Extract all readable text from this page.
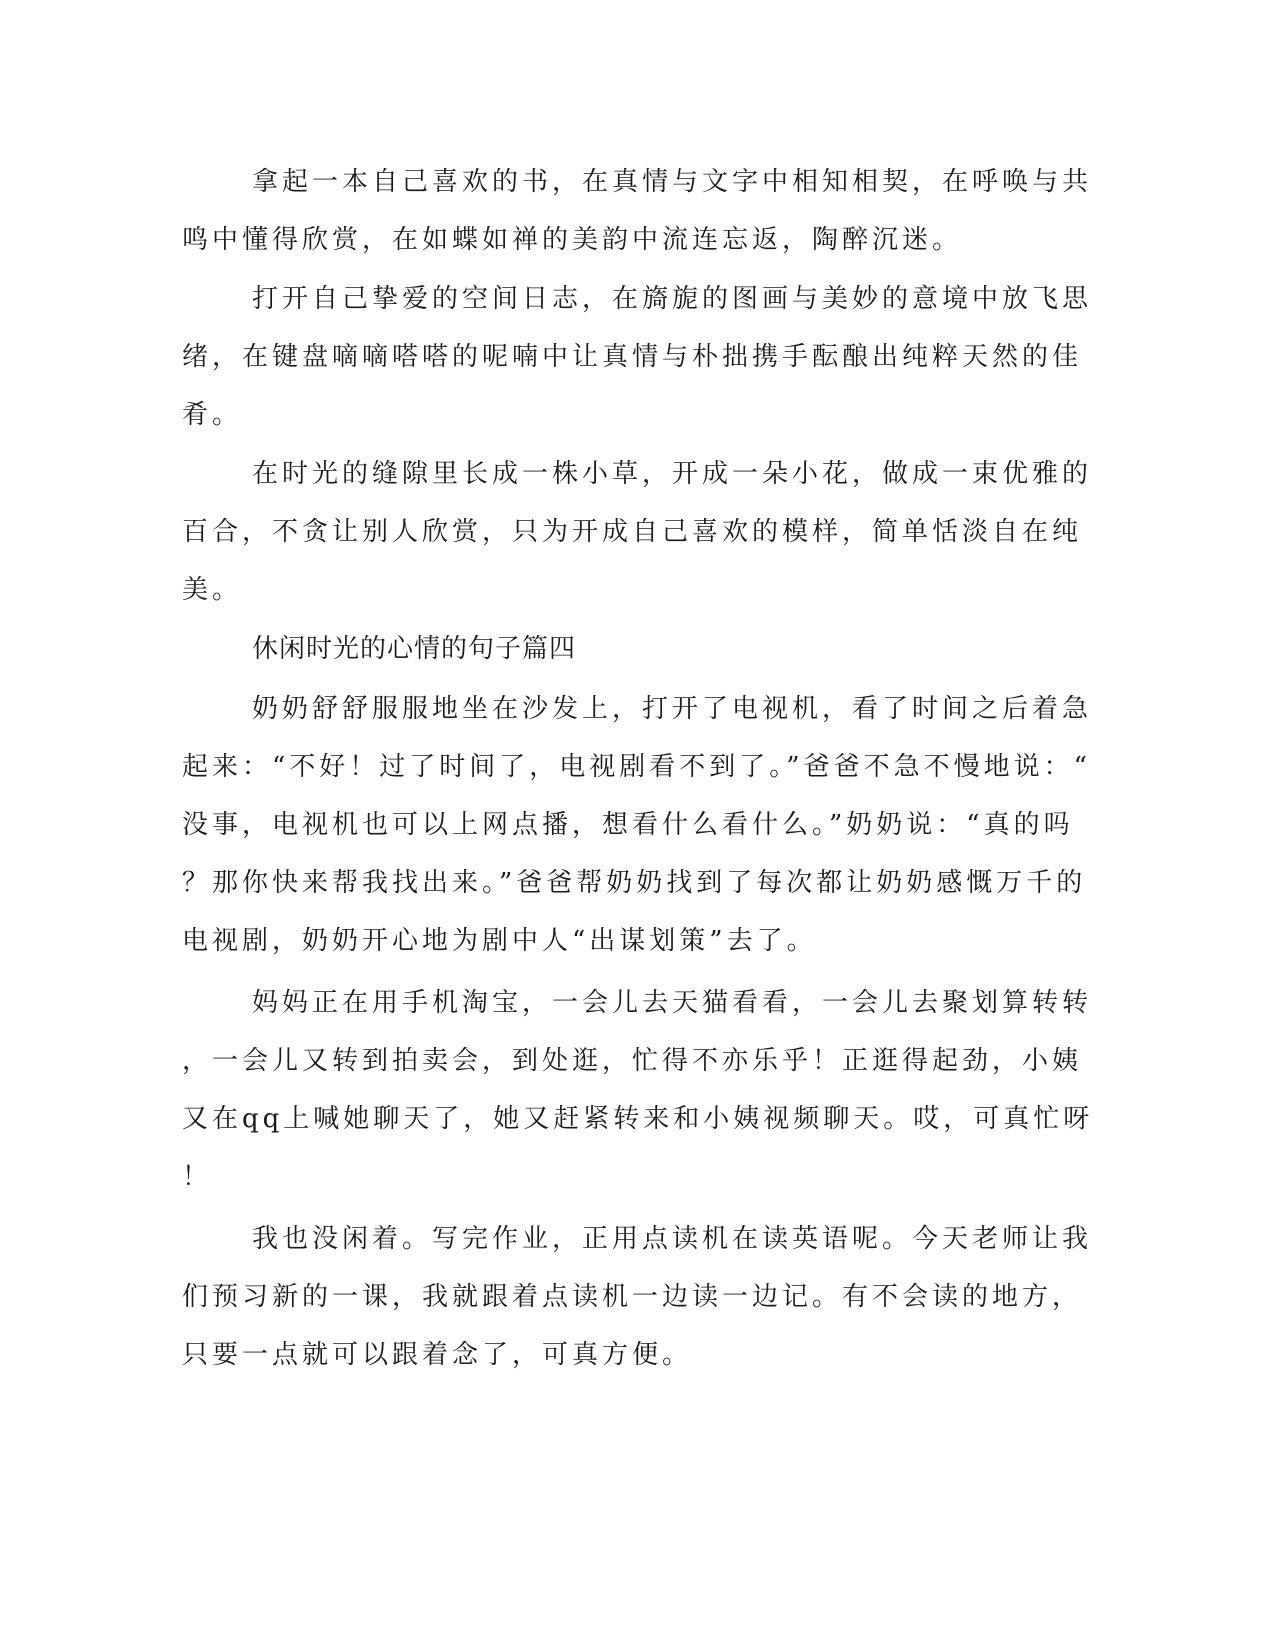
拿起一本自己喜欢的书，在真情与文字中相知相契，在呼唤与共
鸣中懂得欣赏，在如蝶如禅的美韵中流连忘返，陶醉沉迷。
打开自己挚爱的空间日志，在旖旎的图画与美妙的意境中放飞思
绪，在键盘嘀嘀嗒嗒的呢喃中让真情与朴拙携手酝酿出纯粹天然的佳
肴。
在时光的缝隙里长成一株小草，开成一朵小花，做成一束优雅的
百合，不贪让别人欣赏，只为开成自己喜欢的模样，简单恬淡自在纯
美。
休闲时光的心情的句子篇四
奶奶舒舒服服地坐在沙发上，打开了电视机，看了时间之后着急
起来：“不好！过了时间了，电视剧看不到了。”爸爸不急不慢地说：“
没事，电视机也可以上网点播，想看什么看什么。”奶奶说：“真的吗
？那你快来帮我找出来。”爸爸帮奶奶找到了每次都让奶奶感慨万千的
电视剧，奶奶开心地为剧中人“出谋划策”去了。
妈妈正在用手机淘宝，一会儿去天猫看看，一会儿去聚划算转转
，一会儿又转到拍卖会，到处逛，忙得不亦乐乎！正逛得起劲，小姨
又在qq上喊她聊天了，她又赶紧转来和小姨视频聊天。哎，可真忙呀
！
我也没闲着。写完作业，正用点读机在读英语呢。今天老师让我
们预习新的一课，我就跟着点读机一边读一边记。有不会读的地方，
只要一点就可以跟着念了，可真方便。
